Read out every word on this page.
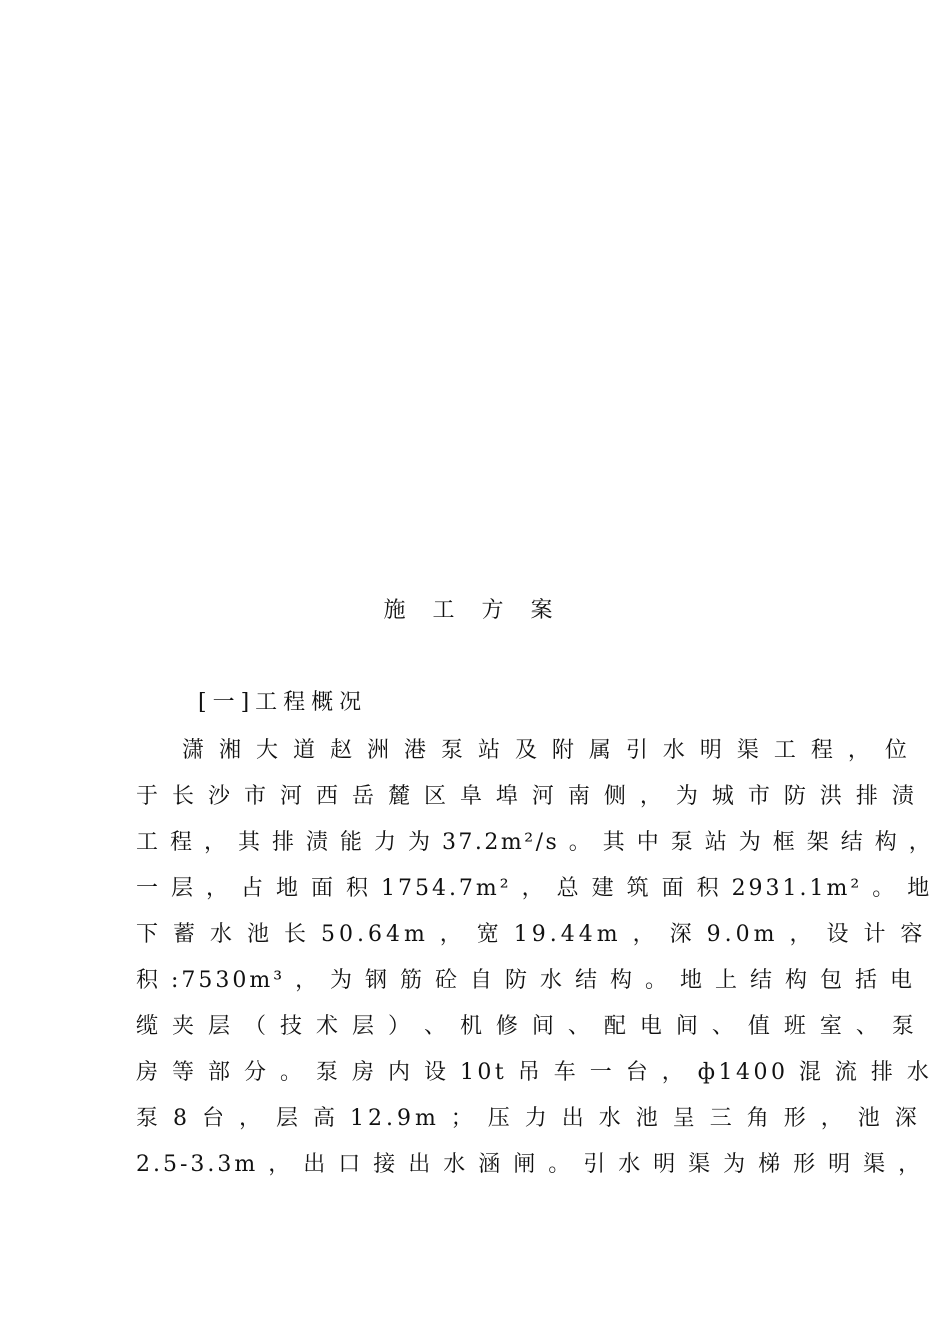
施 工 方 案
[一]工程概况
潇 湘 大 道 赵 洲 港 泵 站 及 附 属 引 水 明 渠 工 程 ， 位
于 长 沙 市 河 西 岳 麓 区 阜 埠 河 南 侧 ， 为 城 市 防 洪 排 渍
工 程 ， 其 排 渍 能 力 为 37.2m²/s 。 其 中 泵 站 为 框 架 结 构 ，
一 层 ， 占 地 面 积 1754.7m² ， 总 建 筑 面 积 2931.1m² 。 地
下 蓄 水 池 长 50.64m ， 宽 19.44m ， 深 9.0m ， 设 计 容
积 :7530m³ ， 为 钢 筋 砼 自 防 水 结 构 。 地 上 结 构 包 括 电
缆 夹 层 （ 技 术 层 ） 、 机 修 间 、 配 电 间 、 值 班 室 、 泵
房 等 部 分 。 泵 房 内 设 10t 吊 车 一 台 ， ф1400 混 流 排 水
泵 8 台 ， 层 高 12.9m ； 压 力 出 水 池 呈 三 角 形 ， 池 深
2.5-3.3m ， 出 口 接 出 水 涵 闸 。 引 水 明 渠 为 梯 形 明 渠 ，
